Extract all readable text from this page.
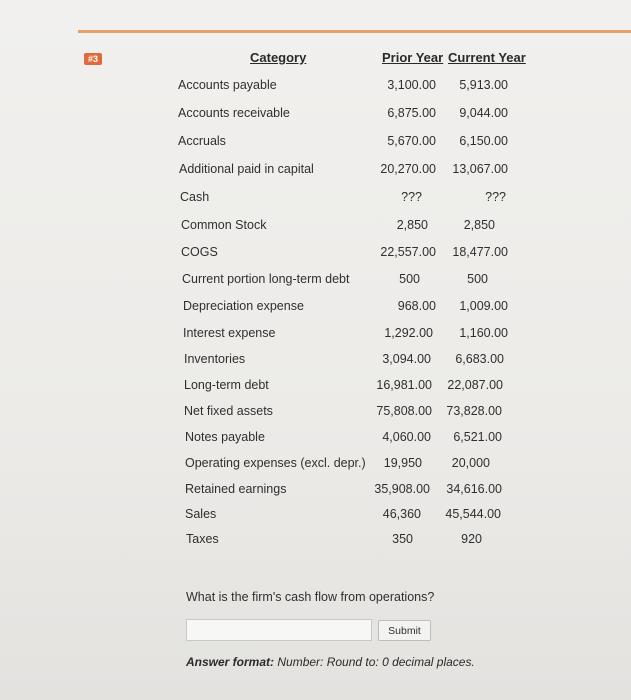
#3	Category	Prior Year Current Year
Accounts payable	3,100.00 5,913.00
Accounts receivable	6,875.00 9,044.00
Accruals	5,670.00 6,150.00
Additional paid in capital	20,270.00 13,067.00
Cash	???	???
Common Stock	2,850	2,850
COGS	22,557.00 18,477.00
Current portion long-term debt	500	500
Depreciation expense	968.00 1,009.00
Interest expense	1,292.00 1,160.00
Inventories	3,094.00 6,683.00
Long-term debt	16,981.00 22,087.00
Net fixed assets	75,808.00 73,828.00
Notes payable	4,060.00 6,521.00
Operating expenses (excl. depr.) 19,950 20,000
Retained earnings	35,908.00 34,616.00
Sales	46,360 45,544.00
Taxes	350	920
What is the firm's cash flow from operations?
Submit
Answer format: Number: Round to: 0 decimal places.
